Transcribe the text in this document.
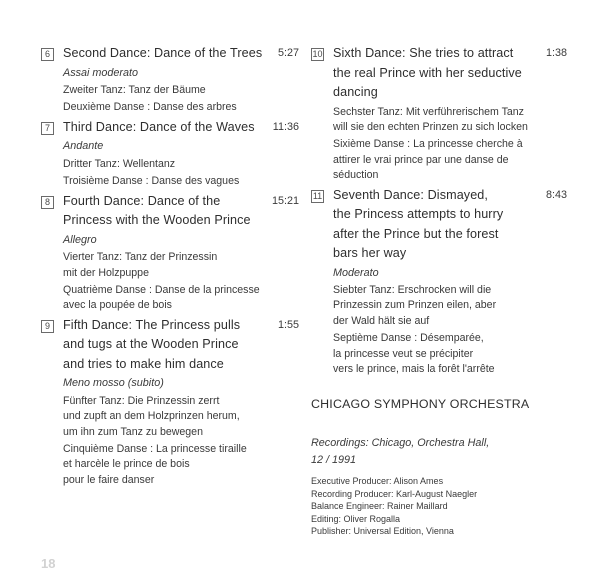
6	Second Dance: Dance of the Trees 5:27
Assai moderato
Zweiter Tanz: Tanz der Bäume
Deuxième Danse : Danse des arbres
7	Third Dance: Dance of the Waves 11:36
Andante
Dritter Tanz: Wellentanz
Troisième Danse : Danse des vagues
8	Fourth Dance: Dance of the
Princess with the Wooden Prince
15:21
Allegro
Vierter Tanz: Tanz der Prinzessin
mit der Holzpuppe
Quatrième Danse : Danse de la princesse
avec la poupée de bois
9	Fifth Dance: The Princess pulls
and tugs at the Wooden Prince
and tries to make him dance
1:55
Meno mosso (subito)
Fünfter Tanz: Die Prinzessin zerrt
und zupft an dem Holzprinzen herum,
um ihn zum Tanz zu bewegen
Cinquième Danse : La princesse tiraille
et harcèle le prince de bois
pour le faire danser
10 Sixth Dance: She tries to attract
the real Prince with her seductive
dancing
1:38
Sechster Tanz: Mit verführerischem Tanz
will sie den echten Prinzen zu sich locken
Sixième Danse : La princesse cherche à
attirer le vrai prince par une danse de
séduction
11 Seventh Dance: Dismayed,
the Princess attempts to hurry
after the Prince but the forest
bars her way
8:43
Moderato
Siebter Tanz: Erschrocken will die
Prinzessin zum Prinzen eilen, aber
der Wald hält sie auf
Septième Danse : Désemparée,
la princesse veut se précipiter
vers le prince, mais la forêt l'arrête
CHICAGO SYMPHONY ORCHESTRA
Recordings: Chicago, Orchestra Hall,
12 / 1991
Executive Producer: Alison Ames
Recording Producer: Karl-August Naegler
Balance Engineer: Rainer Maillard
Editing: Oliver Rogalla
Publisher: Universal Edition, Vienna
18
